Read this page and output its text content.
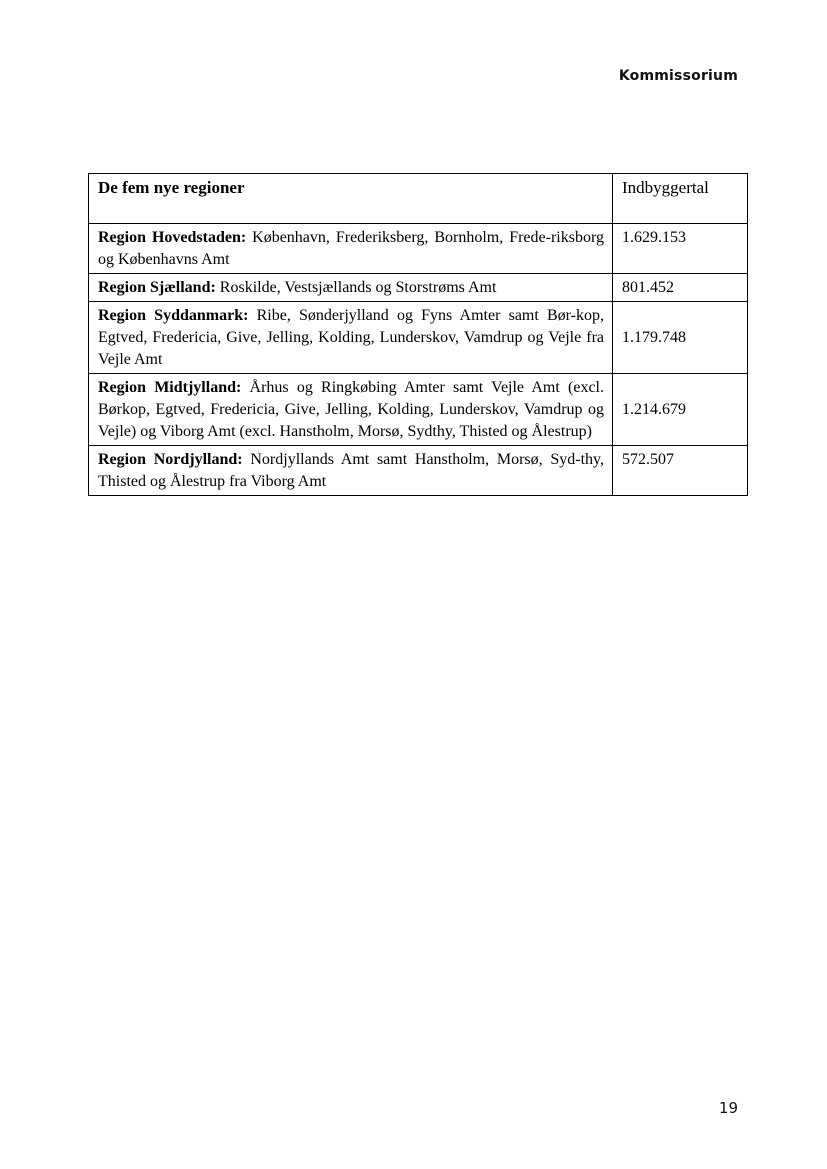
Kommissorium
De fem nye regioner	Indbyggertal
Region Hovedstaden: København, Frederiksberg, Bornholm, Frede-riksborg og Københavns Amt	1.629.153
Region Sjælland: Roskilde, Vestsjællands og Storstrøms Amt	801.452
Region Syddanmark: Ribe, Sønderjylland og Fyns Amter samt Bør-kop, Egtved, Fredericia, Give, Jelling, Kolding, Lunderskov, Vamdrup og Vejle fra Vejle Amt	1.179.748
Region Midtjylland: Århus og Ringkøbing Amter samt Vejle Amt (excl. Børkop, Egtved, Fredericia, Give, Jelling, Kolding, Lunderskov, Vamdrup og Vejle) og Viborg Amt (excl. Hanstholm, Morsø, Sydthy, Thisted og Ålestrup)	1.214.679
Region Nordjylland: Nordjyllands Amt samt Hanstholm, Morsø, Syd-thy, Thisted og Ålestrup fra Viborg Amt	572.507
19
